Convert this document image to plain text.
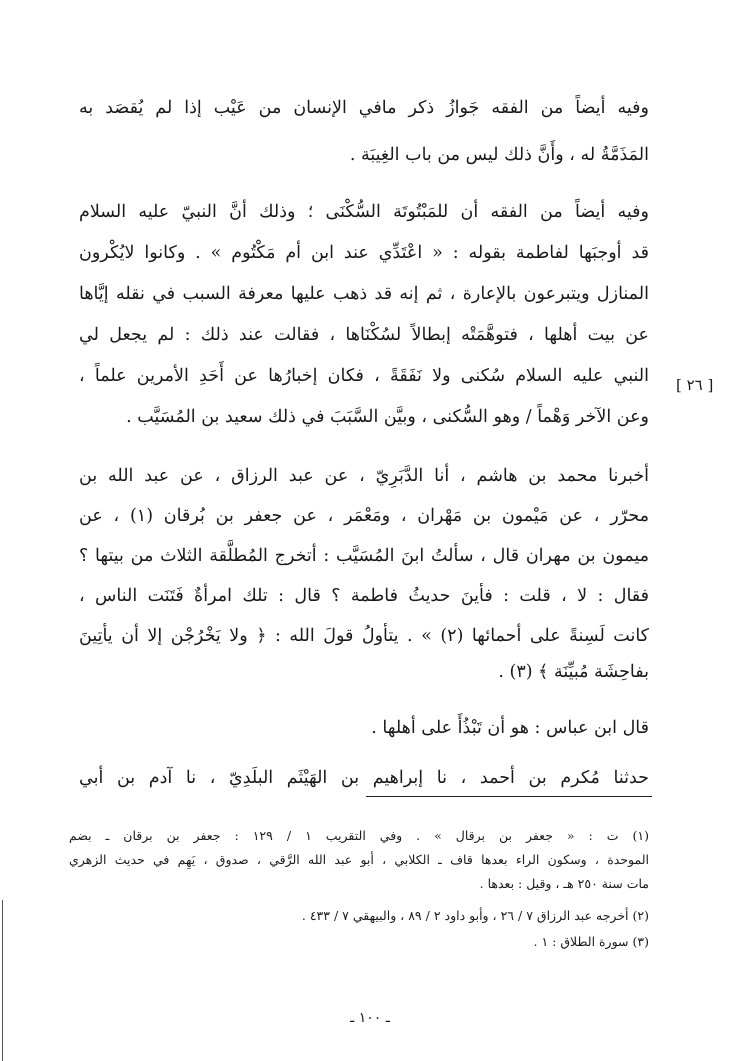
وفيه أيضاً من الفقه جَوازُ ذكر مافي الإنسان من عَيْب إذا لم يُقصَد به
المَذَمَّةُ له ، وأَنَّ ذلك ليس من باب الغِيبَة .
وفيه أيضاً من الفقه أن للمَبْتُوتَة السُّكْنَى ؛ وذلك أنَّ النبيّ عليه السلام
قد أوجبَها لفاطمة بقوله : « اعْتَدِّي عند ابن أم مَكْتُوم » . وكانوا لايُكْرون
المنازل ويتبرعون بالإعارة ، ثم إنه قد ذهب عليها معرفة السبب في نقله إيَّاها
عن بيت أهلها ، فتوهَّمَتْه إبطالاً لسُكْنَاها ، فقالت عند ذلك : لم يجعل لي
النبي عليه السلام سُكنى ولا نَفَقَةً ، فكان إخبارُها عن أَحَدِ الأمرين علماً ،
وعن الآخر وَهْماً / وهو السُّكنى ، وبيَّن السَّبَبَ في ذلك سعيد بن المُسَيَّب .
أخبرنا محمد بن هاشم ، أنا الدَّبَرِيّ ، عن عبد الرزاق ، عن عبد الله بن
محرّر ، عن مَيْمون بن مَهْران ، ومَعْمَر ، عن جعفر بن بُرقان (١) ، عن
ميمون بن مهران قال ، سألتُ ابنَ المُسَيَّب : أتخرج المُطلَّقة الثلاث من بيتها ؟
فقال : لا ، قلت : فأينَ حديثُ فاطمة ؟ قال : تلك امرأةٌ فَتَنَت الناس ،
كانت لَسِنةً على أحمائها (٢) » . يتأولُ قولَ الله : ﴿ ولا يَخْرُجْن إلا أن يأتِينَ
بفاحِشَة مُبيِّنَة ﴾ (٣) .
قال ابن عباس : هو أن تَبْذُأَ على أهلها .
حدثنا مُكرم بن أحمد ، نا إبراهيم بن الهَيْثَم البلَدِيّ ، نا آدم بن أبي
[ ٢٦ ]
(١) ت : « جعفر بن برقال » . وفي التقريب ١ / ١٢٩ : جعفر بن برقان ـ بضم
الموحدة ، وسكون الراء بعدها قاف ـ الكلابي ، أبو عبد الله الرَّقي ، صدوق ، يَهِم في حديث الزهري
مات سنة ٢٥٠ هـ ، وقيل : بعدها .
(٢) أخرجه عبد الرزاق ٧ / ٢٦ ، وأبو داود ٢ / ٨٩ ، والبيهقي ٧ / ٤٣٣ .
(٣) سورة الطلاق : ١ .
ـ ١٠٠ ـ
